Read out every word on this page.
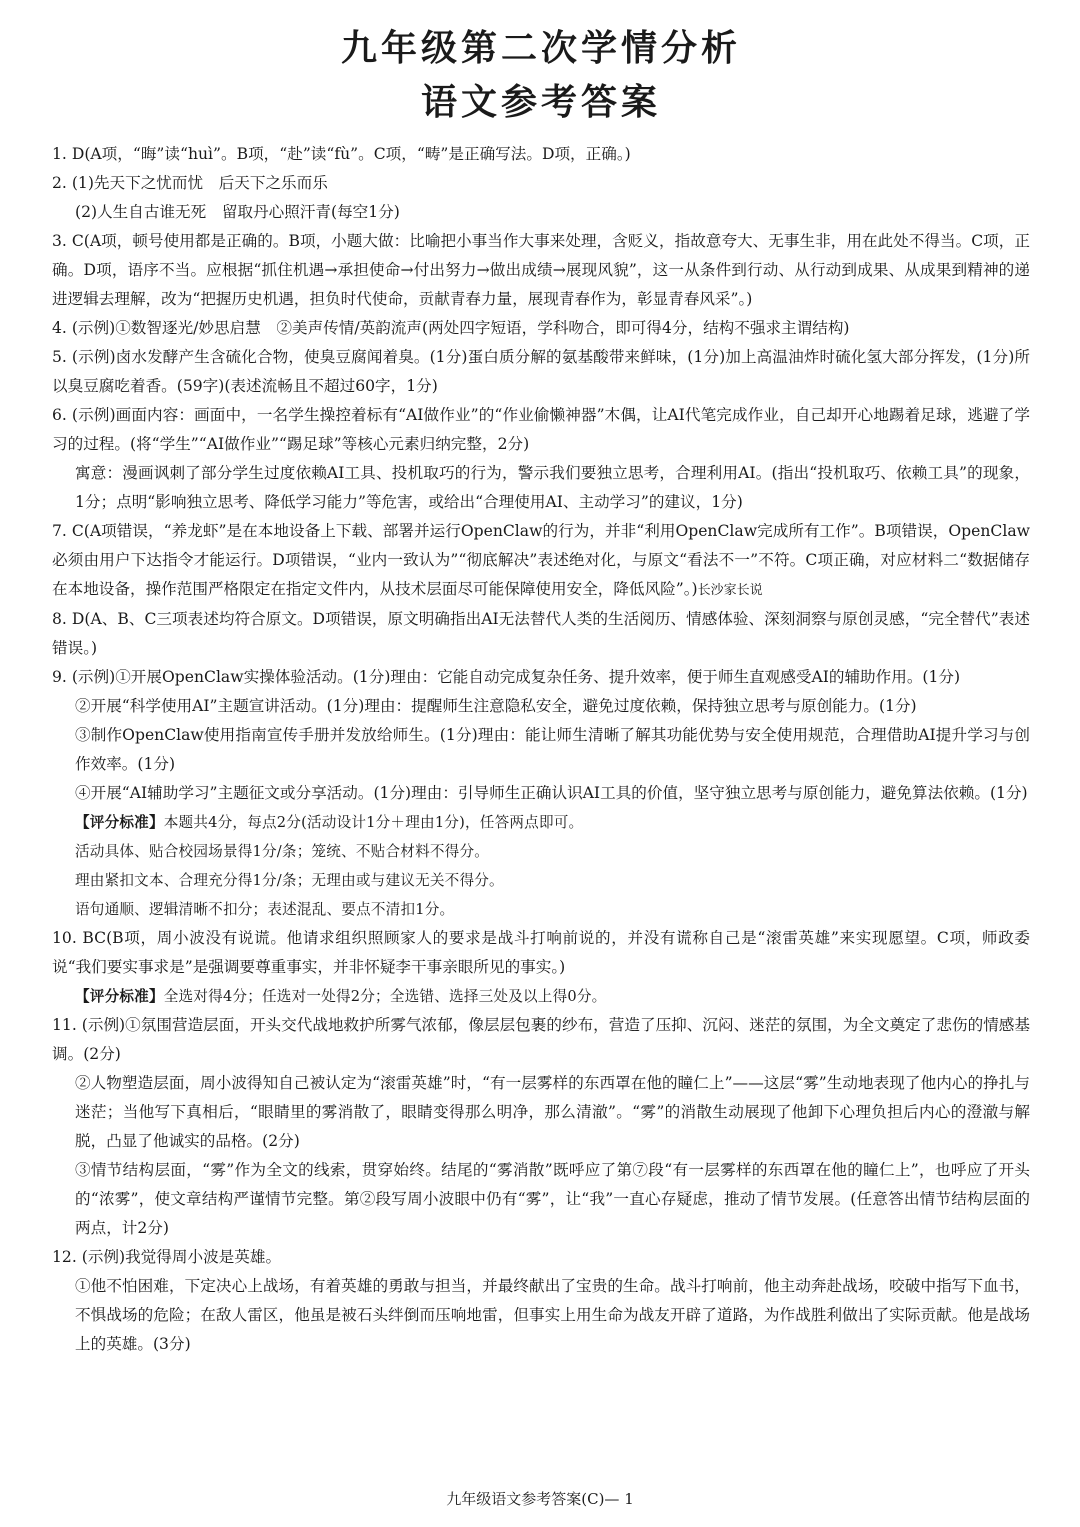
九年级第二次学情分析
语文参考答案

1. D(A项，“晦”读“huì”。B项，“赴”读“fù”。C项，“畴”是正确写法。D项，正确。)

2. (1)先天下之忧而忧　后天下之乐而乐

(2)人生自古谁无死　留取丹心照汗青(每空1分)

3. C(A项，顿号使用都是正确的。B项，小题大做：比喻把小事当作大事来处理，含贬义，指故意夸大、无事生非，用在此处不得当。C项，正确。D项，语序不当。应根据“抓住机遇→承担使命→付出努力→做出成绩→展现风貌”，这一从条件到行动、从行动到成果、从成果到精神的递进逻辑去理解，改为“把握历史机遇，担负时代使命，贡献青春力量，展现青春作为，彰显青春风采”。)

4. (示例)①数智逐光/妙思启慧　②美声传情/英韵流声(两处四字短语，学科吻合，即可得4分，结构不强求主谓结构)

5. (示例)卤水发酵产生含硫化合物，使臭豆腐闻着臭。(1分)蛋白质分解的氨基酸带来鲜味，(1分)加上高温油炸时硫化氢大部分挥发，(1分)所以臭豆腐吃着香。(59字)(表述流畅且不超过60字，1分)

6. (示例)画面内容：画面中，一名学生操控着标有“AI做作业”的“作业偷懒神器”木偶，让AI代笔完成作业，自己却开心地踢着足球，逃避了学习的过程。(将“学生”“AI做作业”“踢足球”等核心元素归纳完整，2分)

寓意：漫画讽刺了部分学生过度依赖AI工具、投机取巧的行为，警示我们要独立思考，合理利用AI。(指出“投机取巧、依赖工具”的现象，1分；点明“影响独立思考、降低学习能力”等危害，或给出“合理使用AI、主动学习”的建议，1分)

7. C(A项错误，“养龙虾”是在本地设备上下载、部署并运行OpenClaw的行为，并非“利用OpenClaw完成所有工作”。B项错误，OpenClaw必须由用户下达指令才能运行。D项错误，“业内一致认为”“彻底解决”表述绝对化，与原文“看法不一”不符。C项正确，对应材料二“数据储存在本地设备，操作范围严格限定在指定文件内，从技术层面尽可能保障使用安全，降低风险”。)长沙家长说

8. D(A、B、C三项表述均符合原文。D项错误，原文明确指出AI无法替代人类的生活阅历、情感体验、深刻洞察与原创灵感，“完全替代”表述错误。)

9. (示例)①开展OpenClaw实操体验活动。(1分)理由：它能自动完成复杂任务、提升效率，便于师生直观感受AI的辅助作用。(1分)

②开展“科学使用AI”主题宣讲活动。(1分)理由：提醒师生注意隐私安全，避免过度依赖，保持独立思考与原创能力。(1分)

③制作OpenClaw使用指南宣传手册并发放给师生。(1分)理由：能让师生清晰了解其功能优势与安全使用规范，合理借助AI提升学习与创作效率。(1分)

④开展“AI辅助学习”主题征文或分享活动。(1分)理由：引导师生正确认识AI工具的价值，坚守独立思考与原创能力，避免算法依赖。(1分)

【评分标准】本题共4分，每点2分(活动设计1分＋理由1分)，任答两点即可。

活动具体、贴合校园场景得1分/条；笼统、不贴合材料不得分。

理由紧扣文本、合理充分得1分/条；无理由或与建议无关不得分。

语句通顺、逻辑清晰不扣分；表述混乱、要点不清扣1分。

10. BC(B项，周小波没有说谎。他请求组织照顾家人的要求是战斗打响前说的，并没有谎称自己是“滚雷英雄”来实现愿望。C项，师政委说“我们要实事求是”是强调要尊重事实，并非怀疑李干事亲眼所见的事实。)

【评分标准】全选对得4分；任选对一处得2分；全选错、选择三处及以上得0分。

11. (示例)①氛围营造层面，开头交代战地救护所雾气浓郁，像层层包裹的纱布，营造了压抑、沉闷、迷茫的氛围，为全文奠定了悲伤的情感基调。(2分)

②人物塑造层面，周小波得知自己被认定为“滚雷英雄”时，“有一层雾样的东西罩在他的瞳仁上”——这层“雾”生动地表现了他内心的挣扎与迷茫；当他写下真相后，“眼睛里的雾消散了，眼睛变得那么明净，那么清澈”。“雾”的消散生动展现了他卸下心理负担后内心的澄澈与解脱，凸显了他诚实的品格。(2分)

③情节结构层面，“雾”作为全文的线索，贯穿始终。结尾的“雾消散”既呼应了第⑦段“有一层雾样的东西罩在他的瞳仁上”，也呼应了开头的“浓雾”，使文章结构严谨情节完整。第②段写周小波眼中仍有“雾”，让“我”一直心存疑虑，推动了情节发展。(任意答出情节结构层面的两点，计2分)

12. (示例)我觉得周小波是英雄。

①他不怕困难，下定决心上战场，有着英雄的勇敢与担当，并最终献出了宝贵的生命。战斗打响前，他主动奔赴战场，咬破中指写下血书，不惧战场的危险；在敌人雷区，他虽是被石头绊倒而压响地雷，但事实上用生命为战友开辟了道路，为作战胜利做出了实际贡献。他是战场上的英雄。(3分)

九年级语文参考答案(C)— 1
